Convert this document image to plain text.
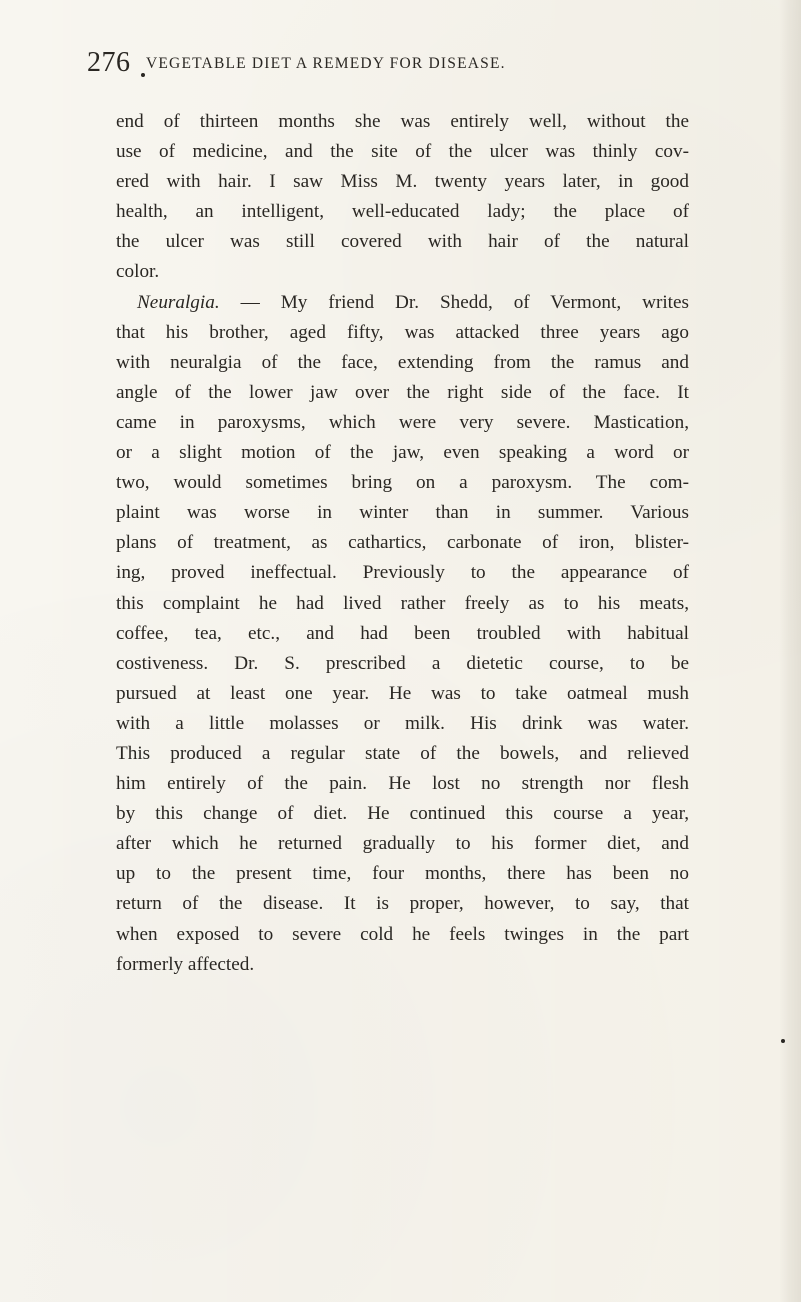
276 VEGETABLE DIET A REMEDY FOR DISEASE.
end of thirteen months she was entirely well, without the
use of medicine, and the site of the ulcer was thinly cov-
ered with hair. I saw Miss M. twenty years later, in good
health, an intelligent, well-educated lady; the place of
the ulcer was still covered with hair of the natural
color.
Neuralgia. — My friend Dr. Shedd, of Vermont, writes
that his brother, aged fifty, was attacked three years ago
with neuralgia of the face, extending from the ramus and
angle of the lower jaw over the right side of the face. It
came in paroxysms, which were very severe. Mastication,
or a slight motion of the jaw, even speaking a word or
two, would sometimes bring on a paroxysm. The com-
plaint was worse in winter than in summer. Various
plans of treatment, as cathartics, carbonate of iron, blister-
ing, proved ineffectual. Previously to the appearance of
this complaint he had lived rather freely as to his meats,
coffee, tea, etc., and had been troubled with habitual
costiveness. Dr. S. prescribed a dietetic course, to be
pursued at least one year. He was to take oatmeal mush
with a little molasses or milk. His drink was water.
This produced a regular state of the bowels, and relieved
him entirely of the pain. He lost no strength nor flesh
by this change of diet. He continued this course a year,
after which he returned gradually to his former diet, and
up to the present time, four months, there has been no
return of the disease. It is proper, however, to say, that
when exposed to severe cold he feels twinges in the part
formerly affected.
